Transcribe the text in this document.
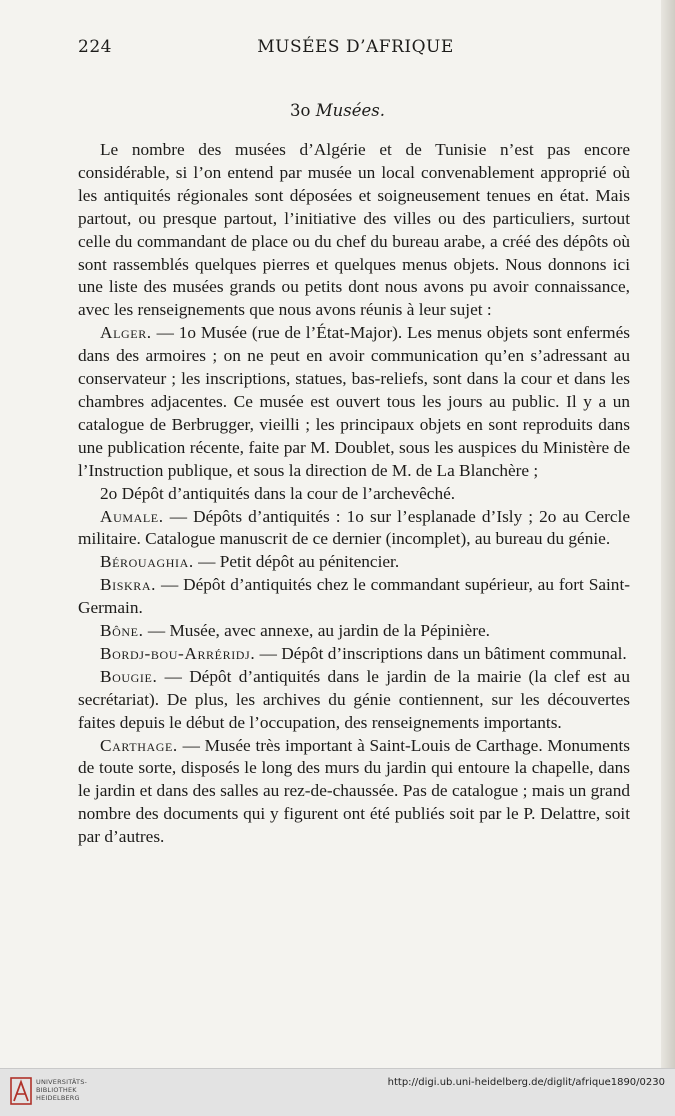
224	MUSÉES D’AFRIQUE
3o Musées.

Le nombre des musées d’Algérie et de Tunisie n’est pas encore considérable, si l’on entend par musée un local convenablement approprié où les antiquités régionales sont déposées et soigneusement tenues en état. Mais partout, ou presque partout, l’initiative des villes ou des particuliers, surtout celle du commandant de place ou du chef du bureau arabe, a créé des dépôts où sont rassemblés quelques pierres et quelques menus objets. Nous donnons ici une liste des musées grands ou petits dont nous avons pu avoir connaissance, avec les renseignements que nous avons réunis à leur sujet :

Alger. — 1o Musée (rue de l’État-Major). Les menus objets sont enfermés dans des armoires ; on ne peut en avoir communication qu’en s’adressant au conservateur ; les inscriptions, statues, bas-reliefs, sont dans la cour et dans les chambres adjacentes. Ce musée est ouvert tous les jours au public. Il y a un catalogue de Berbrugger, vieilli ; les principaux objets en sont reproduits dans une publication récente, faite par M. Doublet, sous les auspices du Ministère de l’Instruction publique, et sous la direction de M. de La Blanchère ;

2o Dépôt d’antiquités dans la cour de l’archevêché.

Aumale. — Dépôts d’antiquités : 1o sur l’esplanade d’Isly ; 2o au Cercle militaire. Catalogue manuscrit de ce dernier (incomplet), au bureau du génie.

Bérouaghia. — Petit dépôt au pénitencier.

Biskra. — Dépôt d’antiquités chez le commandant supérieur, au fort Saint-Germain.

Bône. — Musée, avec annexe, au jardin de la Pépinière.

Bordj-bou-Arréridj. — Dépôt d’inscriptions dans un bâtiment communal.

Bougie. — Dépôt d’antiquités dans le jardin de la mairie (la clef est au secrétariat). De plus, les archives du génie contiennent, sur les découvertes faites depuis le début de l’occupation, des renseignements importants.

Carthage. — Musée très important à Saint-Louis de Carthage. Monuments de toute sorte, disposés le long des murs du jardin qui entoure la chapelle, dans le jardin et dans des salles au rez-de-chaussée. Pas de catalogue ; mais un grand nombre des documents qui y figurent ont été publiés soit par le P. Delattre, soit par d’autres.

UNIVERSITÄTS-
BIBLIOTHEK
HEIDELBERG
http://digi.ub.uni-heidelberg.de/diglit/afrique1890/0230
